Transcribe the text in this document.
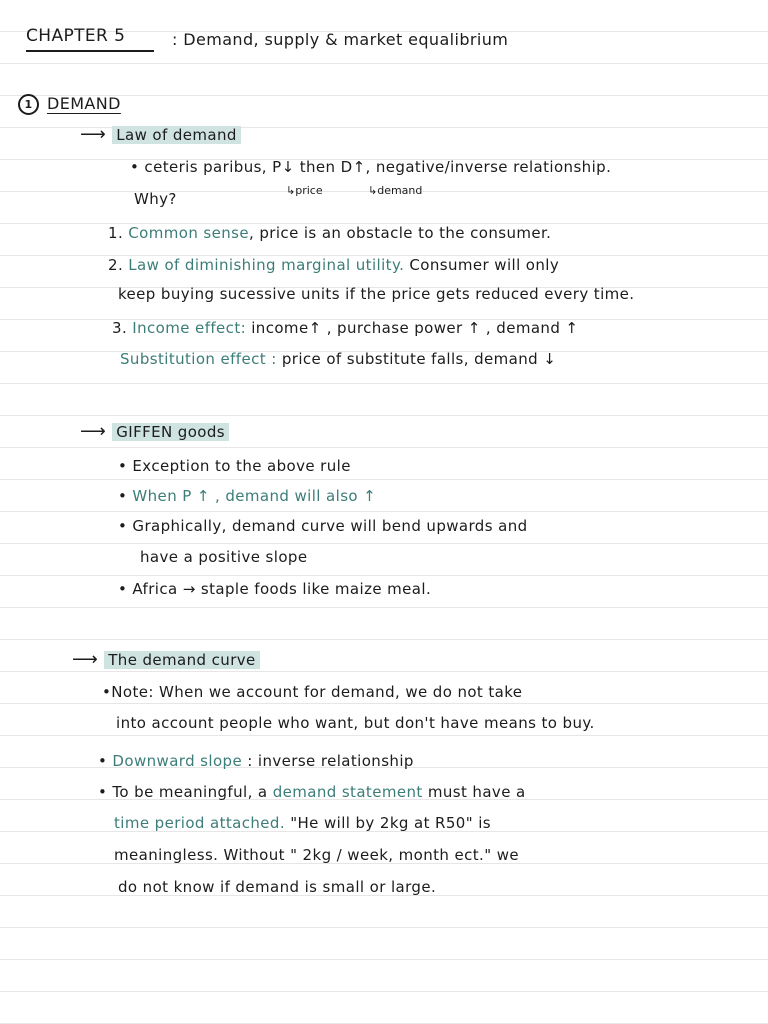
CHAPTER 5	: Demand, supply & market equalibrium
1 DEMAND
⟶ Law of demand
• ceteris paribus, P↓ then D↑, negative/inverse relationship.
↳price	↳demand
Why?
1. Common sense, price is an obstacle to the consumer.
2. Law of diminishing marginal utility. Consumer will only
keep buying sucessive units if the price gets reduced every time.
3. Income effect: income↑ , purchase power ↑ , demand ↑
Substitution effect : price of substitute falls, demand ↓
⟶ GIFFEN goods
• Exception to the above rule
• When P ↑ , demand will also ↑
• Graphically, demand curve will bend upwards and
have a positive slope
• Africa → staple foods like maize meal.
⟶ The demand curve
•Note: When we account for demand, we do not take
into account people who want, but don't have means to buy.
• Downward slope : inverse relationship
• To be meaningful, a demand statement must have a
time period attached. "He will by 2kg at R50" is
meaningless. Without " 2kg / week, month ect." we
do not know if demand is small or large.
